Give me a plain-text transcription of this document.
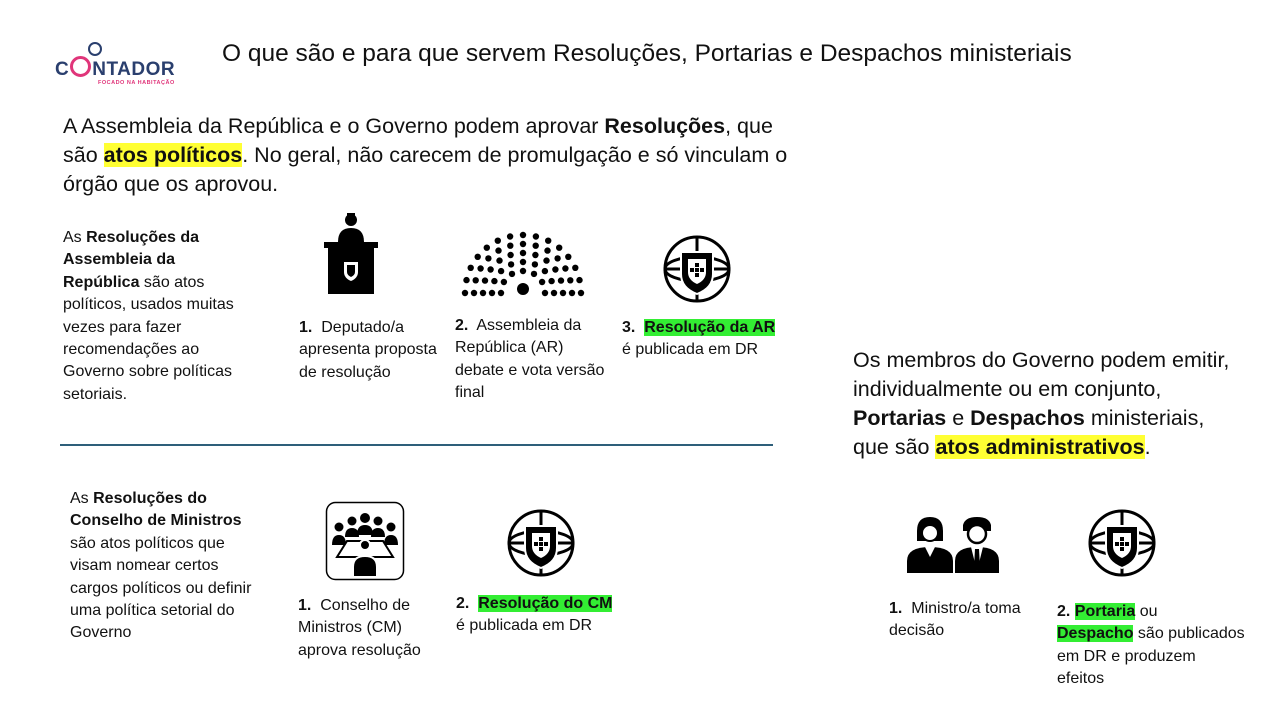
C NTADOR
FOCADO NA HABITAÇÃO
O que são e para que servem Resoluções, Portarias e Despachos ministeriais
A Assembleia da República e o Governo podem aprovar Resoluções, que são atos políticos. No geral, não carecem de promulgação e só vinculam o órgão que os aprovou.
As Resoluções da Assembleia da República são atos políticos, usados muitas vezes para fazer recomendações ao Governo sobre políticas setoriais.
1. Deputado/a apresenta proposta de resolução
2. Assembleia da República (AR) debate e vota versão final
3. Resolução da AR
é publicada em DR
As Resoluções do Conselho de Ministros são atos políticos que visam nomear certos cargos políticos ou definir uma política setorial do Governo
1. Conselho de Ministros (CM) aprova resolução
2. Resolução do CM
é publicada em DR
Os membros do Governo podem emitir, individualmente ou em conjunto, Portarias e Despachos ministeriais, que são atos administrativos.
1. Ministro/a toma decisão
2. Portaria ou
Despacho são publicados em DR e produzem efeitos
